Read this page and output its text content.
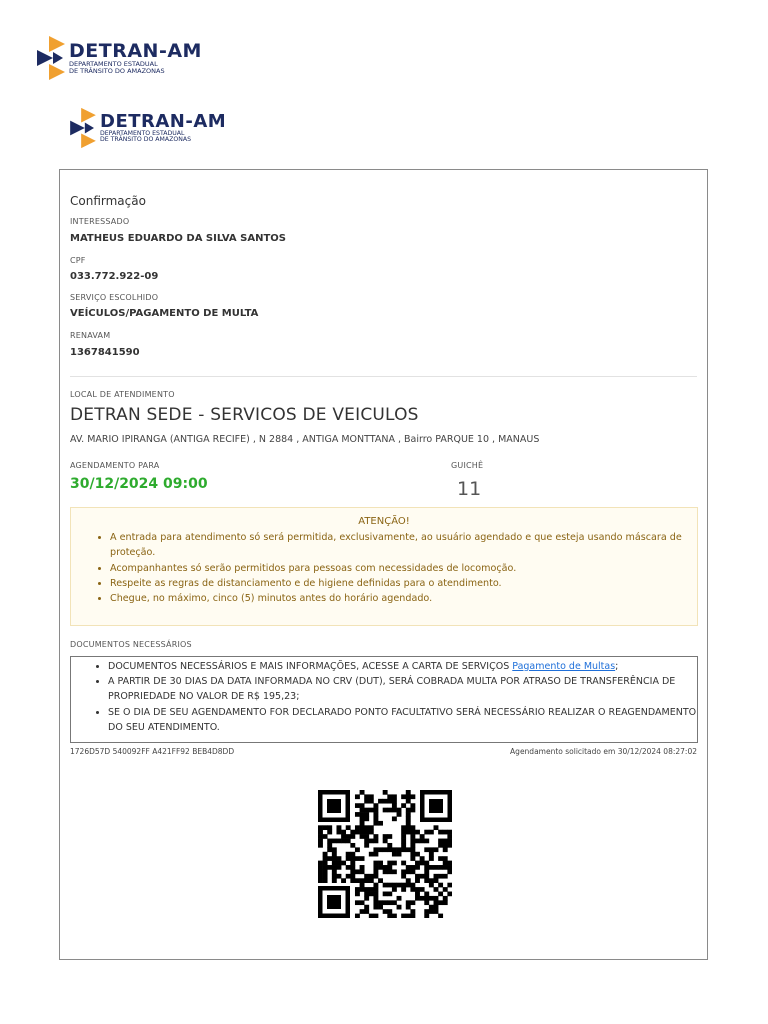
DETRAN-AM
DEPARTAMENTO ESTADUAL
DE TRÂNSITO DO AMAZONAS
DETRAN-AM
DEPARTAMENTO ESTADUAL
DE TRÂNSITO DO AMAZONAS
Confirmação
INTERESSADO
MATHEUS EDUARDO DA SILVA SANTOS
CPF
033.772.922-09
SERVIÇO ESCOLHIDO
VEÍCULOS/PAGAMENTO DE MULTA
RENAVAM
1367841590
LOCAL DE ATENDIMENTO
DETRAN SEDE - SERVICOS DE VEICULOS
AV. MARIO IPIRANGA (ANTIGA RECIFE) , N 2884 , ANTIGA MONTTANA , Bairro PARQUE 10 , MANAUS
AGENDAMENTO PARA
30/12/2024 09:00
GUICHÊ
11
ATENÇÃO!
• A entrada para atendimento só será permitida, exclusivamente, ao usuário agendado e que esteja usando máscara de proteção.
• Acompanhantes só serão permitidos para pessoas com necessidades de locomoção.
• Respeite as regras de distanciamento e de higiene definidas para o atendimento.
• Chegue, no máximo, cinco (5) minutos antes do horário agendado.
DOCUMENTOS NECESSÁRIOS
• DOCUMENTOS NECESSÁRIOS E MAIS INFORMAÇÕES, ACESSE A CARTA DE SERVIÇOS Pagamento de Multas;
• A PARTIR DE 30 DIAS DA DATA INFORMADA NO CRV (DUT), SERÁ COBRADA MULTA POR ATRASO DE TRANSFERÊNCIA DE PROPRIEDADE NO VALOR DE R$ 195,23;
• SE O DIA DE SEU AGENDAMENTO FOR DECLARADO PONTO FACULTATIVO SERÁ NECESSÁRIO REALIZAR O REAGENDAMENTO DO SEU ATENDIMENTO.
1726D57D 540092FF A421FF92 BEB4D8DD	Agendamento solicitado em 30/12/2024 08:27:02
